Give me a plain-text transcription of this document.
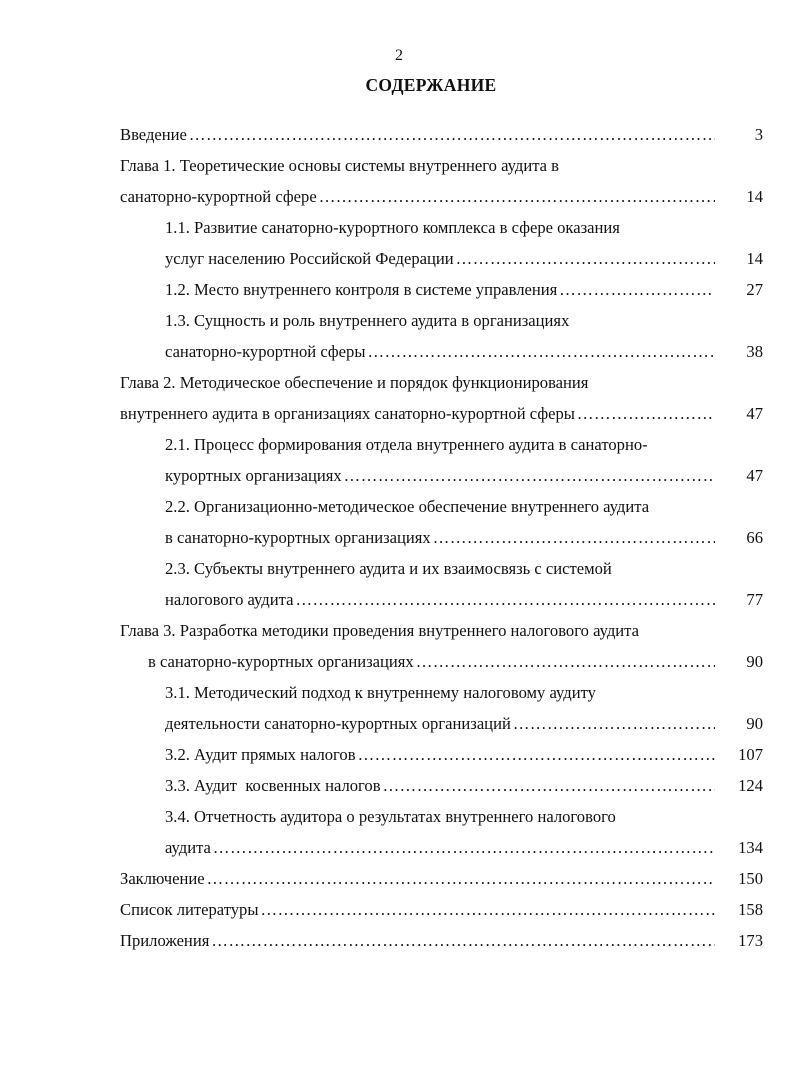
2
СОДЕРЖАНИЕ
Введение ………………………………………………………………………………………………………………………………………………………………………………………………………………	3
Глава 1. Теоретические основы системы внутреннего аудита в
санаторно-курортной сфере ………………………………………………………………………………………………………………………………………………………………………………………………………………	14
1.1. Развитие санаторно-курортного комплекса в сфере оказания
услуг населению Российской Федерации ………………………………………………………………………………………………………………………………………………………………………………………………………………	14
1.2. Место внутреннего контроля в системе управления ………………………………………………………………………………………………………………………………………………………………………………………………………………	27
1.3. Сущность и роль внутреннего аудита в организациях
санаторно-курортной сферы ………………………………………………………………………………………………………………………………………………………………………………………………………………	38
Глава 2. Методическое обеспечение и порядок функционирования
внутреннего аудита в организациях санаторно-курортной сферы ………………………………………………………………………………………………………………………………………………………………………………………………………………	47
2.1. Процесс формирования отдела внутреннего аудита в санаторно-
курортных организациях ………………………………………………………………………………………………………………………………………………………………………………………………………………	47
2.2. Организационно-методическое обеспечение внутреннего аудита
в санаторно-курортных организациях ………………………………………………………………………………………………………………………………………………………………………………………………………………	66
2.3. Субъекты внутреннего аудита и их взаимосвязь с системой
налогового аудита ………………………………………………………………………………………………………………………………………………………………………………………………………………	77
Глава 3. Разработка методики проведения внутреннего налогового аудита
в санаторно-курортных организациях ………………………………………………………………………………………………………………………………………………………………………………………………………………	90
3.1. Методический подход к внутреннему налоговому аудиту
деятельности санаторно-курортных организаций ………………………………………………………………………………………………………………………………………………………………………………………………………………	90
3.2. Аудит прямых налогов ………………………………………………………………………………………………………………………………………………………………………………………………………………	107
3.3. Аудит  косвенных налогов ………………………………………………………………………………………………………………………………………………………………………………………………………………	124
3.4. Отчетность аудитора о результатах внутреннего налогового
аудита ………………………………………………………………………………………………………………………………………………………………………………………………………………	134
Заключение ………………………………………………………………………………………………………………………………………………………………………………………………………………	150
Список литературы ………………………………………………………………………………………………………………………………………………………………………………………………………………	158
Приложения ………………………………………………………………………………………………………………………………………………………………………………………………………………	173
